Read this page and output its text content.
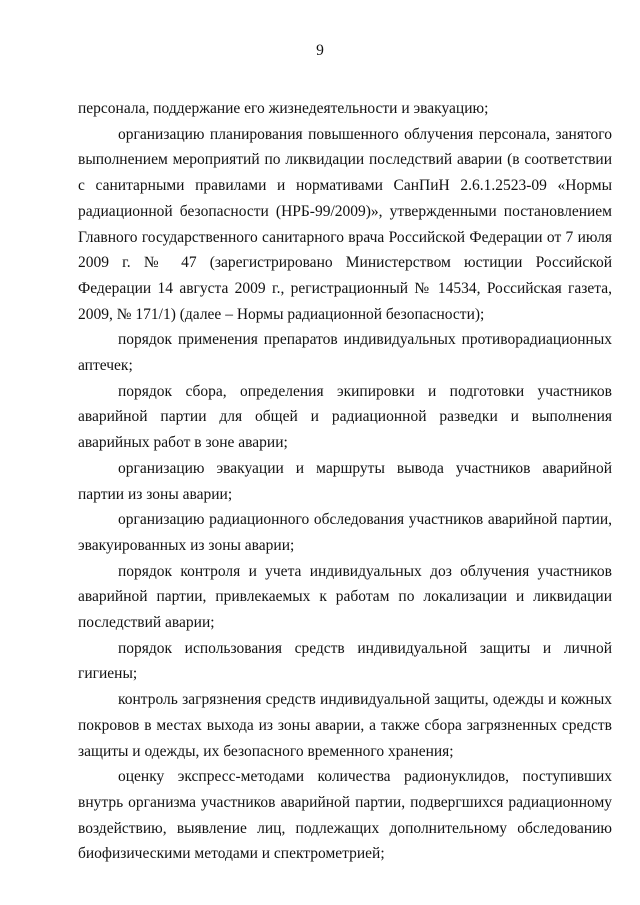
9

персонала, поддержание его жизнедеятельности и эвакуацию;

организацию планирования повышенного облучения персонала, занятого выполнением мероприятий по ликвидации последствий аварии (в соответствии с санитарными правилами и нормативами СанПиН 2.6.1.2523-09 «Нормы радиационной безопасности (НРБ-99/2009)», утвержденными постановлением Главного государственного санитарного врача Российской Федерации от 7 июля 2009 г. № 47 (зарегистрировано Министерством юстиции Российской Федерации 14 августа 2009 г., регистрационный № 14534, Российская газета, 2009, № 171/1) (далее – Нормы радиационной безопасности);

порядок применения препаратов индивидуальных противорадиационных аптечек;

порядок сбора, определения экипировки и подготовки участников аварийной партии для общей и радиационной разведки и выполнения аварийных работ в зоне аварии;

организацию эвакуации и маршруты вывода участников аварийной партии из зоны аварии;

организацию радиационного обследования участников аварийной партии, эвакуированных из зоны аварии;

порядок контроля и учета индивидуальных доз облучения участников аварийной партии, привлекаемых к работам по локализации и ликвидации последствий аварии;

порядок использования средств индивидуальной защиты и личной гигиены;

контроль загрязнения средств индивидуальной защиты, одежды и кожных покровов в местах выхода из зоны аварии, а также сбора загрязненных средств защиты и одежды, их безопасного временного хранения;

оценку экспресс-методами количества радионуклидов, поступивших внутрь организма участников аварийной партии, подвергшихся радиационному воздействию, выявление лиц, подлежащих дополнительному обследованию биофизическими методами и спектрометрией;
